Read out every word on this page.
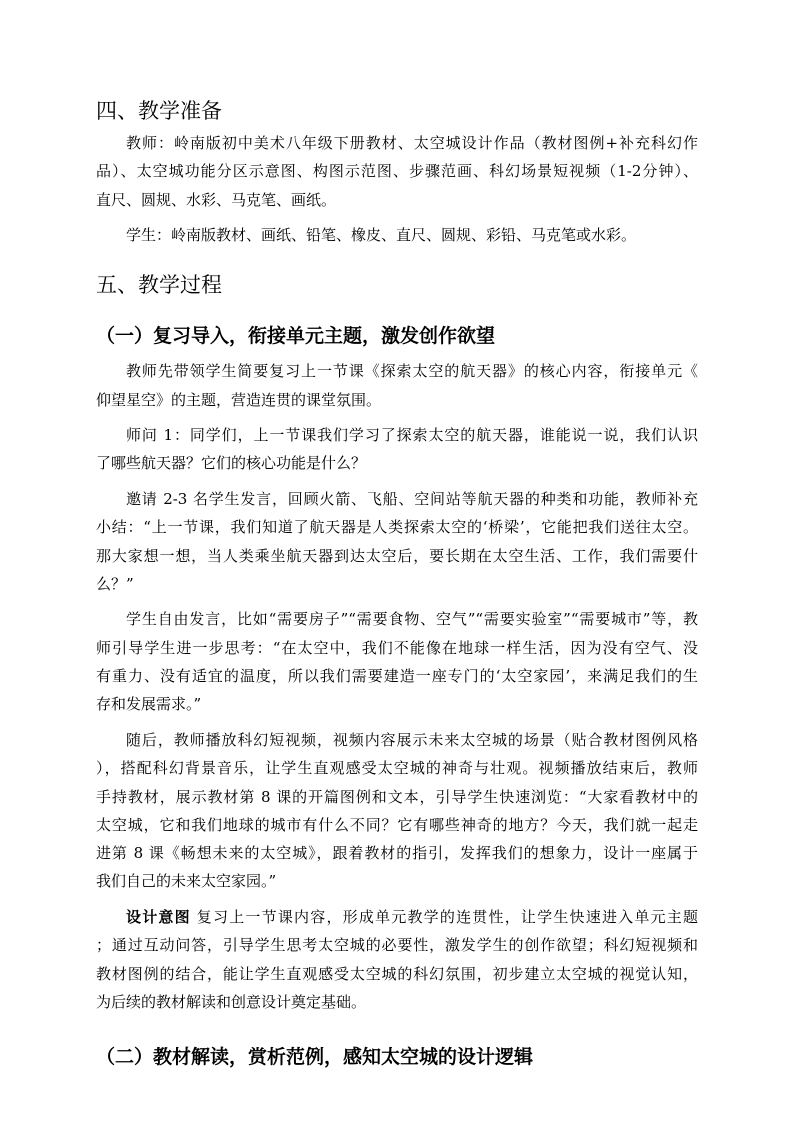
四、教学准备
教师：岭南版初中美术八年级下册教材、太空城设计作品（教材图例+补充科幻作
品）、太空城功能分区示意图、构图示范图、步骤范画、科幻场景短视频（1-2分钟）、
直尺、圆规、水彩、马克笔、画纸。
学生：岭南版教材、画纸、铅笔、橡皮、直尺、圆规、彩铅、马克笔或水彩。
五、教学过程
（一）复习导入，衔接单元主题，激发创作欲望
教师先带领学生简要复习上一节课《探索太空的航天器》的核心内容，衔接单元《
仰望星空》的主题，营造连贯的课堂氛围。
师问 1：同学们，上一节课我们学习了探索太空的航天器，谁能说一说，我们认识
了哪些航天器？它们的核心功能是什么？
邀请 2-3 名学生发言，回顾火箭、飞船、空间站等航天器的种类和功能，教师补充
小结：“上一节课，我们知道了航天器是人类探索太空的‘桥梁’，它能把我们送往太空。
那大家想一想，当人类乘坐航天器到达太空后，要长期在太空生活、工作，我们需要什
么？”
学生自由发言，比如“需要房子”“需要食物、空气”“需要实验室”“需要城市”等，教
师引导学生进一步思考：“在太空中，我们不能像在地球一样生活，因为没有空气、没
有重力、没有适宜的温度，所以我们需要建造一座专门的‘太空家园’，来满足我们的生
存和发展需求。”
随后，教师播放科幻短视频，视频内容展示未来太空城的场景（贴合教材图例风格
），搭配科幻背景音乐，让学生直观感受太空城的神奇与壮观。视频播放结束后，教师
手持教材，展示教材第 8 课的开篇图例和文本，引导学生快速浏览：“大家看教材中的
太空城，它和我们地球的城市有什么不同？它有哪些神奇的地方？今天，我们就一起走
进第 8 课《畅想未来的太空城》，跟着教材的指引，发挥我们的想象力，设计一座属于
我们自己的未来太空家园。”
设计意图 复习上一节课内容，形成单元教学的连贯性，让学生快速进入单元主题
；通过互动问答，引导学生思考太空城的必要性，激发学生的创作欲望；科幻短视频和
教材图例的结合，能让学生直观感受太空城的科幻氛围，初步建立太空城的视觉认知，
为后续的教材解读和创意设计奠定基础。
（二）教材解读，赏析范例，感知太空城的设计逻辑
